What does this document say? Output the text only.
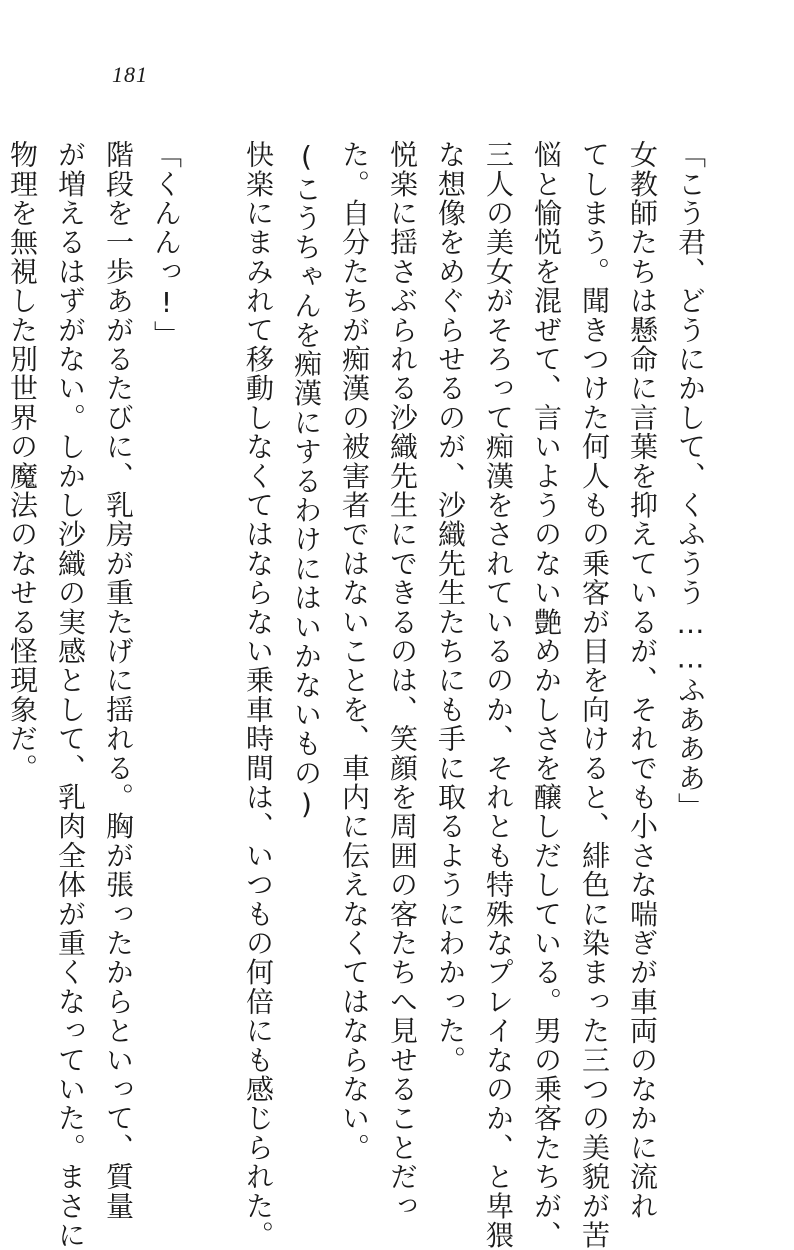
181
「こう君、どうにかして、くふうう……ふあああ」
女教師たちは懸命に言葉を抑えているが、それでも小さな喘ぎが車両のなかに流れ
てしまう。聞きつけた何人もの乗客が目を向けると、緋色に染まった三つの美貌が苦
悩と愉悦を混ぜて、言いようのない艶めかしさを醸しだしている。男の乗客たちが、
三人の美女がそろって痴漢をされているのか、それとも特殊なプレイなのか、と卑猥
な想像をめぐらせるのが、沙織先生たちにも手に取るようにわかった。
悦楽に揺さぶられる沙織先生にできるのは、笑顔を周囲の客たちへ見せることだっ
た。自分たちが痴漢の被害者ではないことを、車内に伝えなくてはならない。
(こうちゃんを痴漢にするわけにはいかないもの)
快楽にまみれて移動しなくてはならない乗車時間は、いつもの何倍にも感じられた。
「くんんっ!」
階段を一歩あがるたびに、乳房が重たげに揺れる。胸が張ったからといって、質量
が増えるはずがない。しかし沙織の実感として、乳肉全体が重くなっていた。まさに
物理を無視した別世界の魔法のなせる怪現象だ。
